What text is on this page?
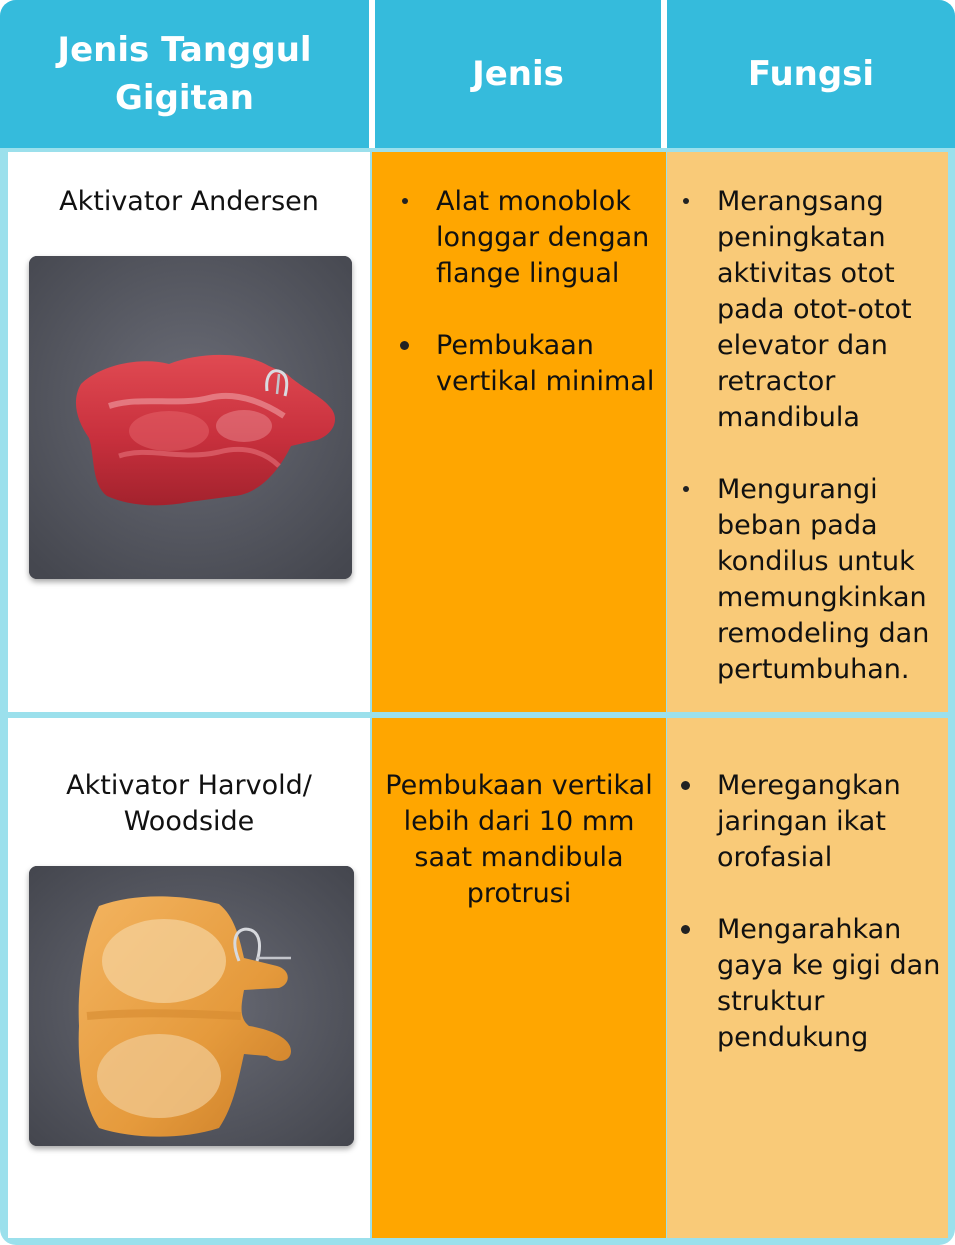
Jenis Tanggul Gigitan
Jenis	Fungsi
Aktivator Andersen	Alat monoblok longgar dengan flange lingual
Pembukaan vertikal minimal
Merangsang peningkatan aktivitas otot pada otot-otot elevator dan retractor mandibula
Mengurangi beban pada kondilus untuk memungkinkan remodeling dan pertumbuhan.
Aktivator Harvold/ Woodside
Pembukaan vertikal lebih dari 10 mm saat mandibula protrusi
Meregangkan jaringan ikat orofasial
Mengarahkan gaya ke gigi dan struktur pendukung
